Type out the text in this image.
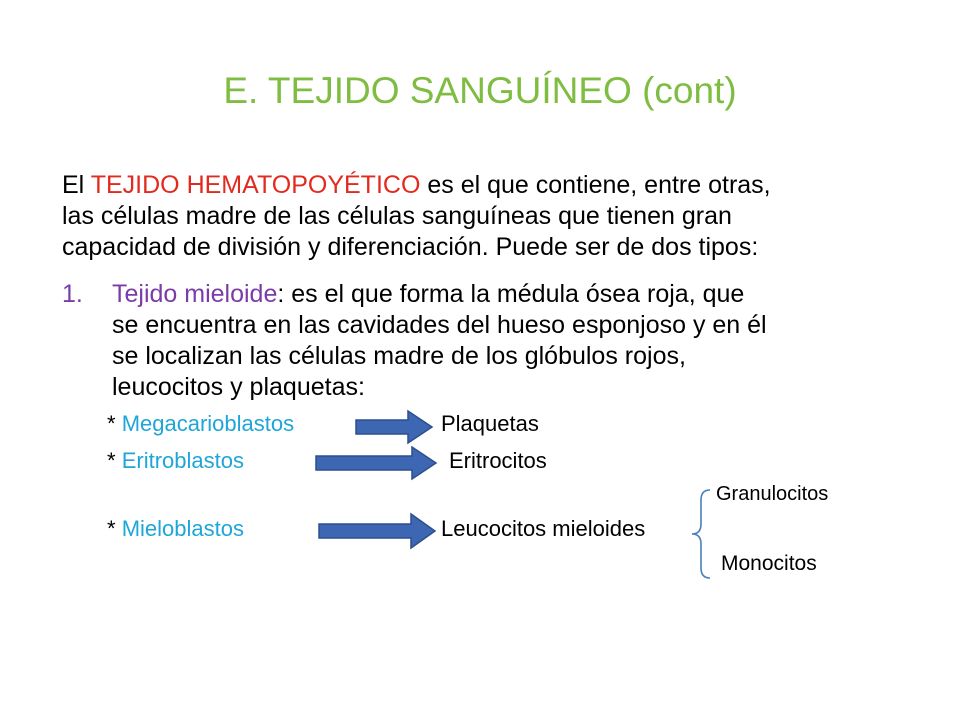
E. TEJIDO SANGUÍNEO (cont)
El TEJIDO HEMATOPOYÉTICO es el que contiene, entre otras,
las células madre de las células sanguíneas que tienen gran
capacidad de división y diferenciación. Puede ser de dos tipos:
1. Tejido mieloide: es el que forma la médula ósea roja, que
se encuentra en las cavidades del hueso esponjoso y en él
se localizan las células madre de los glóbulos rojos,
leucocitos y plaquetas:
* Megacarioblastos	Plaquetas
* Eritroblastos	Eritrocitos
Granulocitos
* Mieloblastos	Leucocitos mieloides
Monocitos
